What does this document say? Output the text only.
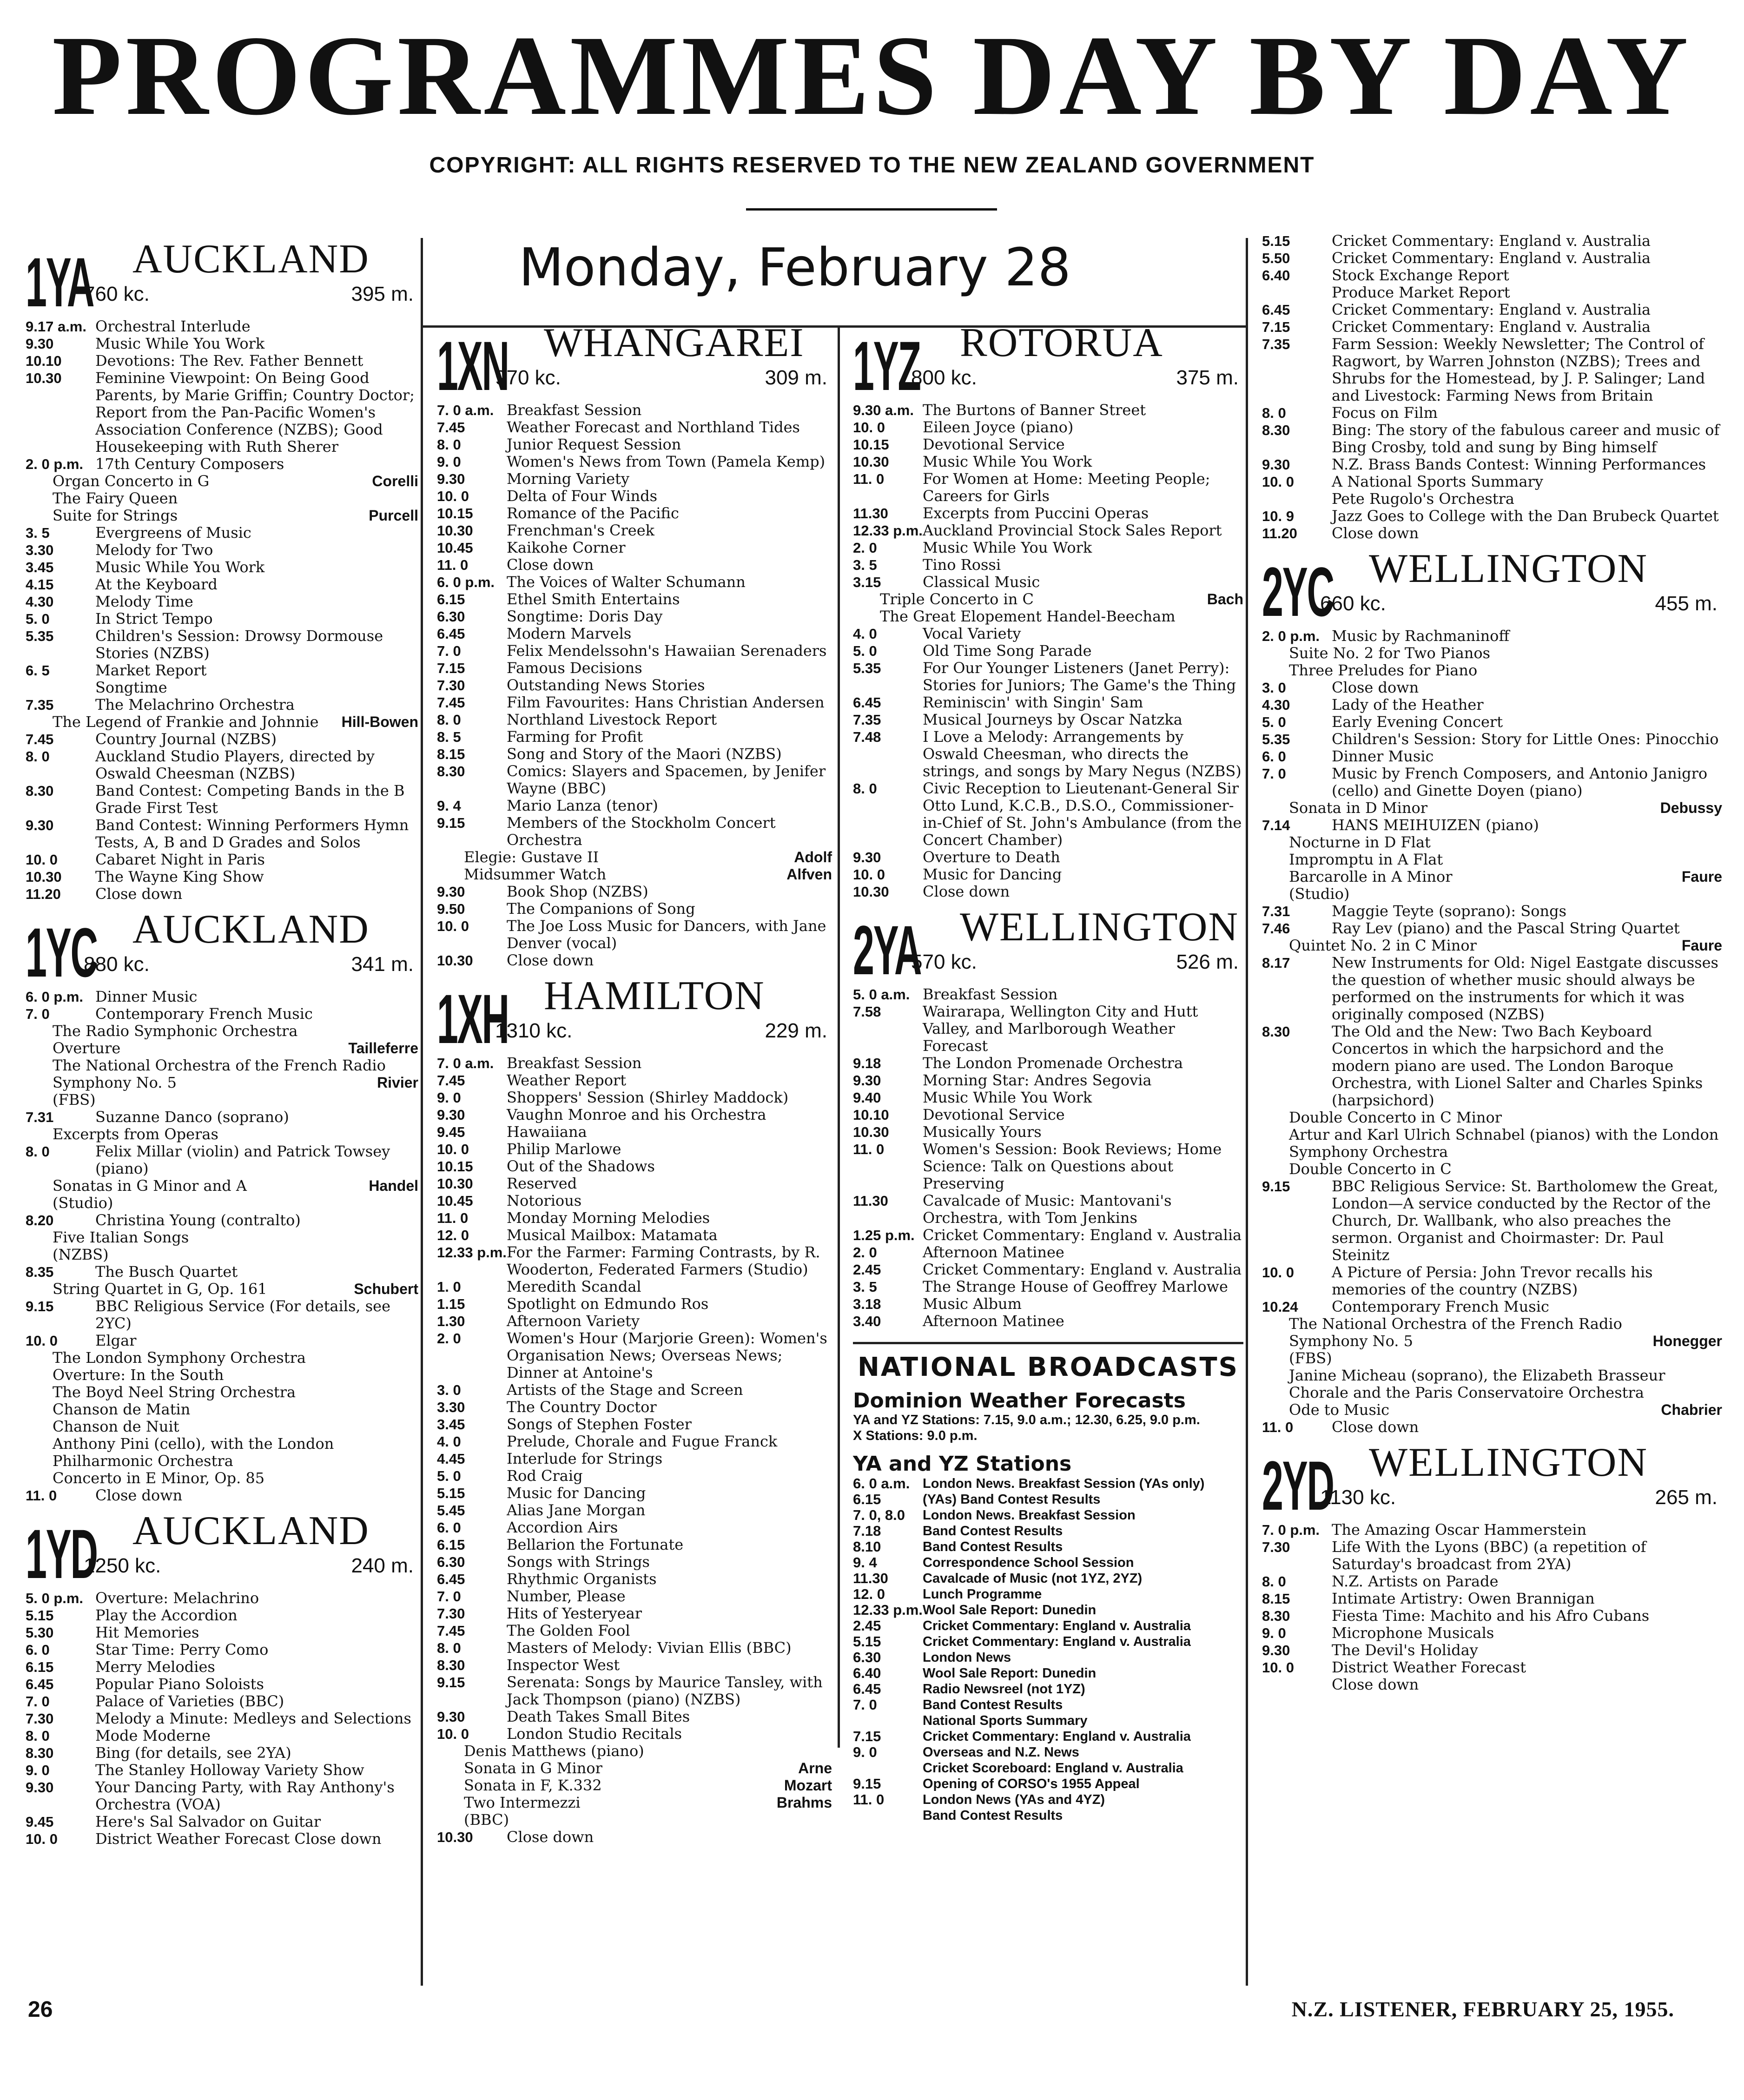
PROGRAMMES DAY BY DAY
COPYRIGHT: ALL RIGHTS RESERVED TO THE NEW ZEALAND GOVERNMENT
Monday, February 28
1YA AUCKLAND
760 kc.	395 m.
9.17 a.m. Orchestral Interlude
9.30	Music While You Work
10.10	Devotions: The Rev. Father Bennett
10.30	Feminine Viewpoint: On Being Good Parents, by Marie Griffin; Country Doctor; Report from the Pan-Pacific Women's Association Conference (NZBS); Good Housekeeping with Ruth Sherer
2. 0 p.m. 17th Century Composers
Organ Concerto in G	Corelli
The Fairy Queen
Suite for Strings	Purcell
3. 5	Evergreens of Music
3.30	Melody for Two
3.45	Music While You Work
4.15	At the Keyboard
4.30	Melody Time
5. 0	In Strict Tempo
5.35	Children's Session: Drowsy Dormouse Stories (NZBS)
6. 5	Market Report
Songtime
7.35	The Melachrino Orchestra
The Legend of Frankie and Johnnie Hill-Bowen
7.45	Country Journal (NZBS)
8. 0	Auckland Studio Players, directed by Oswald Cheesman (NZBS)
8.30	Band Contest: Competing Bands in the B Grade First Test
9.30	Band Contest: Winning Performers Hymn Tests, A, B and D Grades and Solos
10. 0	Cabaret Night in Paris
10.30	The Wayne King Show
11.20	Close down
1YC AUCKLAND
880 kc.	341 m.
6. 0 p.m. Dinner Music
7. 0	Contemporary French Music
The Radio Symphonic Orchestra
Overture	Tailleferre
The National Orchestra of the French Radio
Symphony No. 5	Rivier
(FBS)
7.31	Suzanne Danco (soprano)
Excerpts from Operas
8. 0	Felix Millar (violin) and Patrick Towsey (piano)
Sonatas in G Minor and A	Handel
(Studio)
8.20	Christina Young (contralto)
Five Italian Songs
(NZBS)
8.35	The Busch Quartet
String Quartet in G, Op. 161	Schubert
9.15	BBC Religious Service (For details, see 2YC)
10. 0	Elgar
The London Symphony Orchestra
Overture: In the South
The Boyd Neel String Orchestra
Chanson de Matin
Chanson de Nuit
Anthony Pini (cello), with the London Philharmonic Orchestra
Concerto in E Minor, Op. 85
11. 0	Close down
1YD AUCKLAND
1250 kc.	240 m.
5. 0 p.m. Overture: Melachrino
5.15	Play the Accordion
5.30	Hit Memories
6. 0	Star Time: Perry Como
6.15	Merry Melodies
6.45	Popular Piano Soloists
7. 0	Palace of Varieties (BBC)
7.30	Melody a Minute: Medleys and Selections
8. 0	Mode Moderne
8.30	Bing (for details, see 2YA)
9. 0	The Stanley Holloway Variety Show
9.30	Your Dancing Party, with Ray Anthony's Orchestra (VOA)
9.45	Here's Sal Salvador on Guitar
10. 0	District Weather Forecast Close down
1XN WHANGAREI
970 kc.	309 m.
7. 0 a.m. Breakfast Session
7.45	Weather Forecast and Northland Tides
8. 0	Junior Request Session
9. 0	Women's News from Town (Pamela Kemp)
9.30	Morning Variety
10. 0	Delta of Four Winds
10.15	Romance of the Pacific
10.30	Frenchman's Creek
10.45	Kaikohe Corner
11. 0	Close down
6. 0 p.m. The Voices of Walter Schumann
6.15	Ethel Smith Entertains
6.30	Songtime: Doris Day
6.45	Modern Marvels
7. 0	Felix Mendelssohn's Hawaiian Serenaders
7.15	Famous Decisions
7.30	Outstanding News Stories
7.45	Film Favourites: Hans Christian Andersen
8. 0	Northland Livestock Report
8. 5	Farming for Profit
8.15	Song and Story of the Maori (NZBS)
8.30	Comics: Slayers and Spacemen, by Jenifer Wayne (BBC)
9. 4	Mario Lanza (tenor)
9.15	Members of the Stockholm Concert Orchestra
Elegie: Gustave II	Adolf
Midsummer Watch	Alfven
9.30	Book Shop (NZBS)
9.50	The Companions of Song
10. 0	The Joe Loss Music for Dancers, with Jane Denver (vocal)
10.30	Close down
1XH HAMILTON
1310 kc.	229 m.
7. 0 a.m. Breakfast Session
7.45	Weather Report
9. 0	Shoppers' Session (Shirley Maddock)
9.30	Vaughn Monroe and his Orchestra
9.45	Hawaiiana
10. 0	Philip Marlowe
10.15	Out of the Shadows
10.30	Reserved
10.45	Notorious
11. 0	Monday Morning Melodies
12. 0	Musical Mailbox: Matamata
12.33 p.m. For the Farmer: Farming Contrasts, by R. Wooderton, Federated Farmers (Studio)
1. 0	Meredith Scandal
1.15	Spotlight on Edmundo Ros
1.30	Afternoon Variety
2. 0	Women's Hour (Marjorie Green): Women's Organisation News; Overseas News; Dinner at Antoine's
3. 0	Artists of the Stage and Screen
3.30	The Country Doctor
3.45	Songs of Stephen Foster
4. 0	Prelude, Chorale and Fugue Franck
4.45	Interlude for Strings
5. 0	Rod Craig
5.15	Music for Dancing
5.45	Alias Jane Morgan
6. 0	Accordion Airs
6.15	Bellarion the Fortunate
6.30	Songs with Strings
6.45	Rhythmic Organists
7. 0	Number, Please
7.30	Hits of Yesteryear
7.45	The Golden Fool
8. 0	Masters of Melody: Vivian Ellis (BBC)
8.30	Inspector West
9.15	Serenata: Songs by Maurice Tansley, with Jack Thompson (piano) (NZBS)
9.30	Death Takes Small Bites
10. 0	London Studio Recitals
Denis Matthews (piano)
Sonata in G Minor	Arne
Sonata in F, K.332	Mozart
Two Intermezzi	Brahms
(BBC)
10.30	Close down
1YZ ROTORUA
800 kc.	375 m.
9.30 a.m. The Burtons of Banner Street
10. 0	Eileen Joyce (piano)
10.15	Devotional Service
10.30	Music While You Work
11. 0	For Women at Home: Meeting People; Careers for Girls
11.30	Excerpts from Puccini Operas
12.33 p.m. Auckland Provincial Stock Sales Report
2. 0	Music While You Work
3. 5	Tino Rossi
3.15	Classical Music
Triple Concerto in C	Bach
The Great Elopement Handel-Beecham
4. 0	Vocal Variety
5. 0	Old Time Song Parade
5.35	For Our Younger Listeners (Janet Perry): Stories for Juniors; The Game's the Thing
6.45	Reminiscin' with Singin' Sam
7.35	Musical Journeys by Oscar Natzka
7.48	I Love a Melody: Arrangements by Oswald Cheesman, who directs the strings, and songs by Mary Negus (NZBS)
8. 0	Civic Reception to Lieutenant-General Sir Otto Lund, K.C.B., D.S.O., Commissioner-in-Chief of St. John's Ambulance (from the Concert Chamber)
9.30	Overture to Death
10. 0	Music for Dancing
10.30	Close down
2YA WELLINGTON
570 kc.	526 m.
5. 0 a.m. Breakfast Session
7.58	Wairarapa, Wellington City and Hutt Valley, and Marlborough Weather Forecast
9.18	The London Promenade Orchestra
9.30	Morning Star: Andres Segovia
9.40	Music While You Work
10.10	Devotional Service
10.30	Musically Yours
11. 0	Women's Session: Book Reviews; Home Science: Talk on Questions about Preserving
11.30	Cavalcade of Music: Mantovani's Orchestra, with Tom Jenkins
1.25 p.m. Cricket Commentary: England v. Australia
2. 0	Afternoon Matinee
2.45	Cricket Commentary: England v. Australia
3. 5	The Strange House of Geoffrey Marlowe
3.18	Music Album
3.40	Afternoon Matinee
NATIONAL BROADCASTS
Dominion Weather Forecasts
YA and YZ Stations: 7.15, 9.0 a.m.; 12.30, 6.25, 9.0 p.m.
X Stations: 9.0 p.m.
YA and YZ Stations
6. 0 a.m. London News. Breakfast Session (YAs only)
6.15	(YAs) Band Contest Results
7. 0, 8.0	London News. Breakfast Session
7.18	Band Contest Results
8.10	Band Contest Results
9. 4	Correspondence School Session
11.30	Cavalcade of Music (not 1YZ, 2YZ)
12. 0	Lunch Programme
12.33 p.m. Wool Sale Report: Dunedin
2.45	Cricket Commentary: England v. Australia
5.15	Cricket Commentary: England v. Australia
6.30	London News
6.40	Wool Sale Report: Dunedin
6.45	Radio Newsreel (not 1YZ)
7. 0	Band Contest Results
National Sports Summary
7.15	Cricket Commentary: England v. Australia
9. 0	Overseas and N.Z. News
Cricket Scoreboard: England v. Australia
9.15	Opening of CORSO's 1955 Appeal
11. 0	London News (YAs and 4YZ)
Band Contest Results
5.15	Cricket Commentary: England v. Australia
5.50	Cricket Commentary: England v. Australia
6.40	Stock Exchange Report
Produce Market Report
6.45	Cricket Commentary: England v. Australia
7.15	Cricket Commentary: England v. Australia
7.35	Farm Session: Weekly Newsletter; The Control of Ragwort, by Warren Johnston (NZBS); Trees and Shrubs for the Homestead, by J. P. Salinger; Land and Livestock: Farming News from Britain
8. 0	Focus on Film
8.30	Bing: The story of the fabulous career and music of Bing Crosby, told and sung by Bing himself
9.30	N.Z. Brass Bands Contest: Winning Performances
10. 0	A National Sports Summary
Pete Rugolo's Orchestra
10. 9	Jazz Goes to College with the Dan Brubeck Quartet
11.20	Close down
2YC WELLINGTON
660 kc.	455 m.
2. 0 p.m. Music by Rachmaninoff
Suite No. 2 for Two Pianos
Three Preludes for Piano
3. 0	Close down
4.30	Lady of the Heather
5. 0	Early Evening Concert
5.35	Children's Session: Story for Little Ones: Pinocchio
6. 0	Dinner Music
7. 0	Music by French Composers, and Antonio Janigro (cello) and Ginette Doyen (piano)
Sonata in D Minor	Debussy
7.14	HANS MEIHUIZEN (piano)
Nocturne in D Flat
Impromptu in A Flat
Barcarolle in A Minor	Faure
(Studio)
7.31	Maggie Teyte (soprano): Songs
7.46	Ray Lev (piano) and the Pascal String Quartet
Quintet No. 2 in C Minor	Faure
8.17	New Instruments for Old: Nigel Eastgate discusses the question of whether music should always be performed on the instruments for which it was originally composed (NZBS)
8.30	The Old and the New: Two Bach Keyboard Concertos in which the harpsichord and the modern piano are used. The London Baroque Orchestra, with Lionel Salter and Charles Spinks (harpsichord)
Double Concerto in C Minor
Artur and Karl Ulrich Schnabel (pianos) with the London Symphony Orchestra
Double Concerto in C
9.15	BBC Religious Service: St. Bartholomew the Great, London—A service conducted by the Rector of the Church, Dr. Wallbank, who also preaches the sermon. Organist and Choirmaster: Dr. Paul Steinitz
10. 0	A Picture of Persia: John Trevor recalls his memories of the country (NZBS)
10.24	Contemporary French Music
The National Orchestra of the French Radio
Symphony No. 5	Honegger
(FBS)
Janine Micheau (soprano), the Elizabeth Brasseur Chorale and the Paris Conservatoire Orchestra
Ode to Music	Chabrier
11. 0	Close down
2YD WELLINGTON
1130 kc.	265 m.
7. 0 p.m. The Amazing Oscar Hammerstein
7.30	Life With the Lyons (BBC) (a repetition of Saturday's broadcast from 2YA)
8. 0	N.Z. Artists on Parade
8.15	Intimate Artistry: Owen Brannigan
8.30	Fiesta Time: Machito and his Afro Cubans
9. 0	Microphone Musicals
9.30	The Devil's Holiday
10. 0	District Weather Forecast
Close down
26	N.Z. LISTENER, FEBRUARY 25, 1955.
